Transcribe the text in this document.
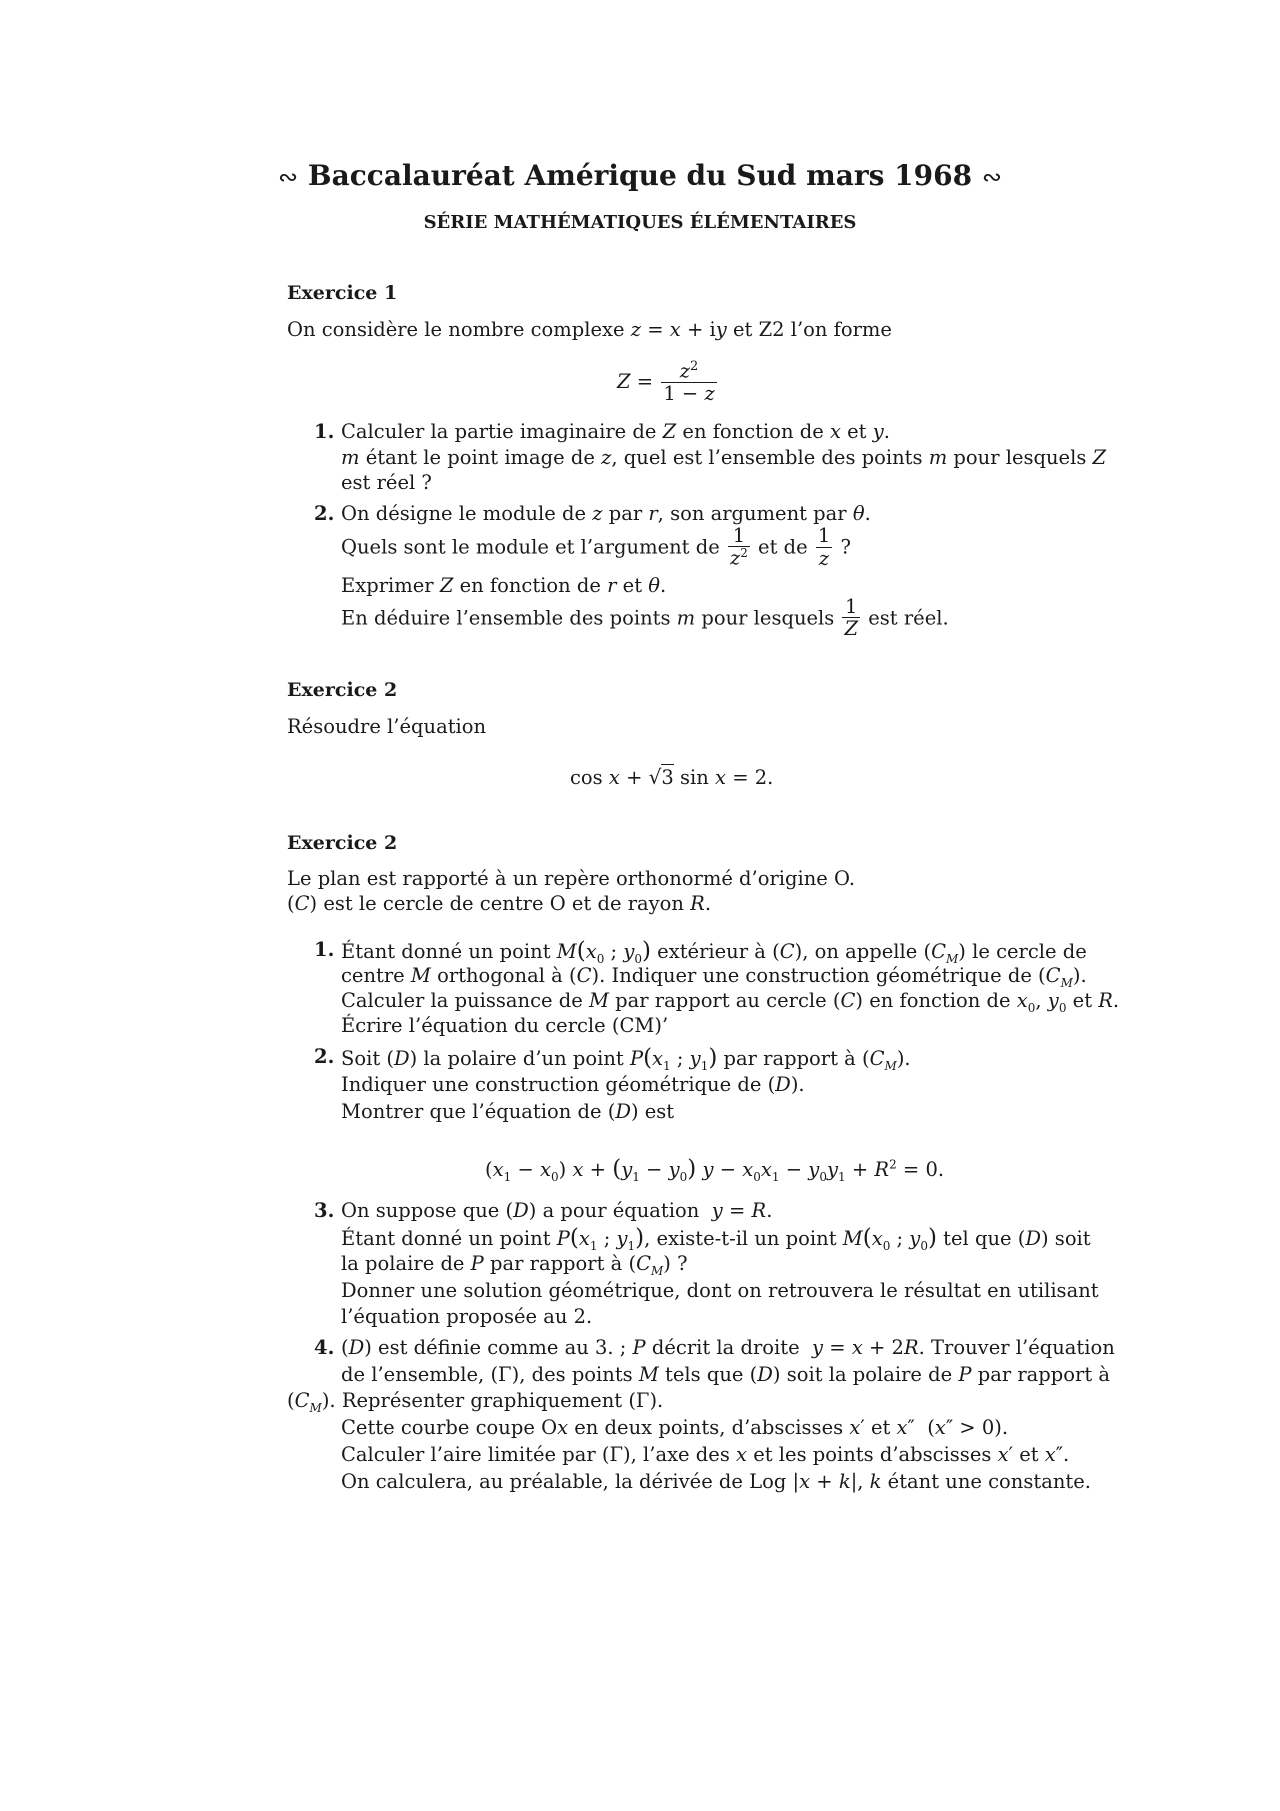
∾ Baccalauréat Amérique du Sud mars 1968 ∾
SÉRIE MATHÉMATIQUES ÉLÉMENTAIRES
Exercice 1
On considère le nombre complexe z = x + iy et Z2 l’on forme
$Z = \frac{z^2}{1 - z}$
1. Calculer la partie imaginaire de Z en fonction de x et y.
m étant le point image de z, quel est l’ensemble des points m pour lesquels Z
est réel ?
2. On désigne le module de z par r, son argument par θ.
Quels sont le module et l’argument de $\frac{1}{z^2}$ et de $\frac{1}{z}$ ?
Exprimer Z en fonction de r et θ.
En déduire l’ensemble des points m pour lesquels $\frac{1}{Z}$ est réel.
Exercice 2
Résoudre l’équation
cos x + √3 sin x = 2.
Exercice 2
Le plan est rapporté à un repère orthonormé d’origine O.
(C) est le cercle de centre O et de rayon R.
1. Étant donné un point $M(x_0$ ; $y_0$) extérieur à (C), on appelle $(C_M)$ le cercle de
centre M orthogonal à (C). Indiquer une construction géométrique de $(C_M)$.
Calculer la puissance de M par rapport au cercle (C) en fonction de $x_0$, $y_0$ et R.
Écrire l’équation du cercle (CM)’
2. Soit (D) la polaire d’un point $P(x_1$ ; $y_1$) par rapport à $(C_M)$.
Indiquer une construction géométrique de (D).
Montrer que l’équation de (D) est
$(x_1 - x_0) x + (y_1 - y_0) y - x_0x_1 - y_0y_1 + R^2 = 0$.
3. On suppose que (D) a pour équation  y = R.
Étant donné un point $P(x_1$ ; $y_1$), existe-t-il un point $M(x_0$ ; $y_0$) tel que (D) soit
la polaire de P par rapport à $(C_M)$ ?
Donner une solution géométrique, dont on retrouvera le résultat en utilisant
l’équation proposée au 2.
4. (D) est définie comme au 3. ; P décrit la droite  y = x + 2R. Trouver l’équation
de l’ensemble, (Γ), des points M tels que (D) soit la polaire de P par rapport à
$(C_M)$. Représenter graphiquement (Γ).
Cette courbe coupe Ox en deux points, d’abscisses x′ et x″  (x″ > 0).
Calculer l’aire limitée par (Γ), l’axe des x et les points d’abscisses x′ et x″.
On calculera, au préalable, la dérivée de Log |x + k|, k étant une constante.
